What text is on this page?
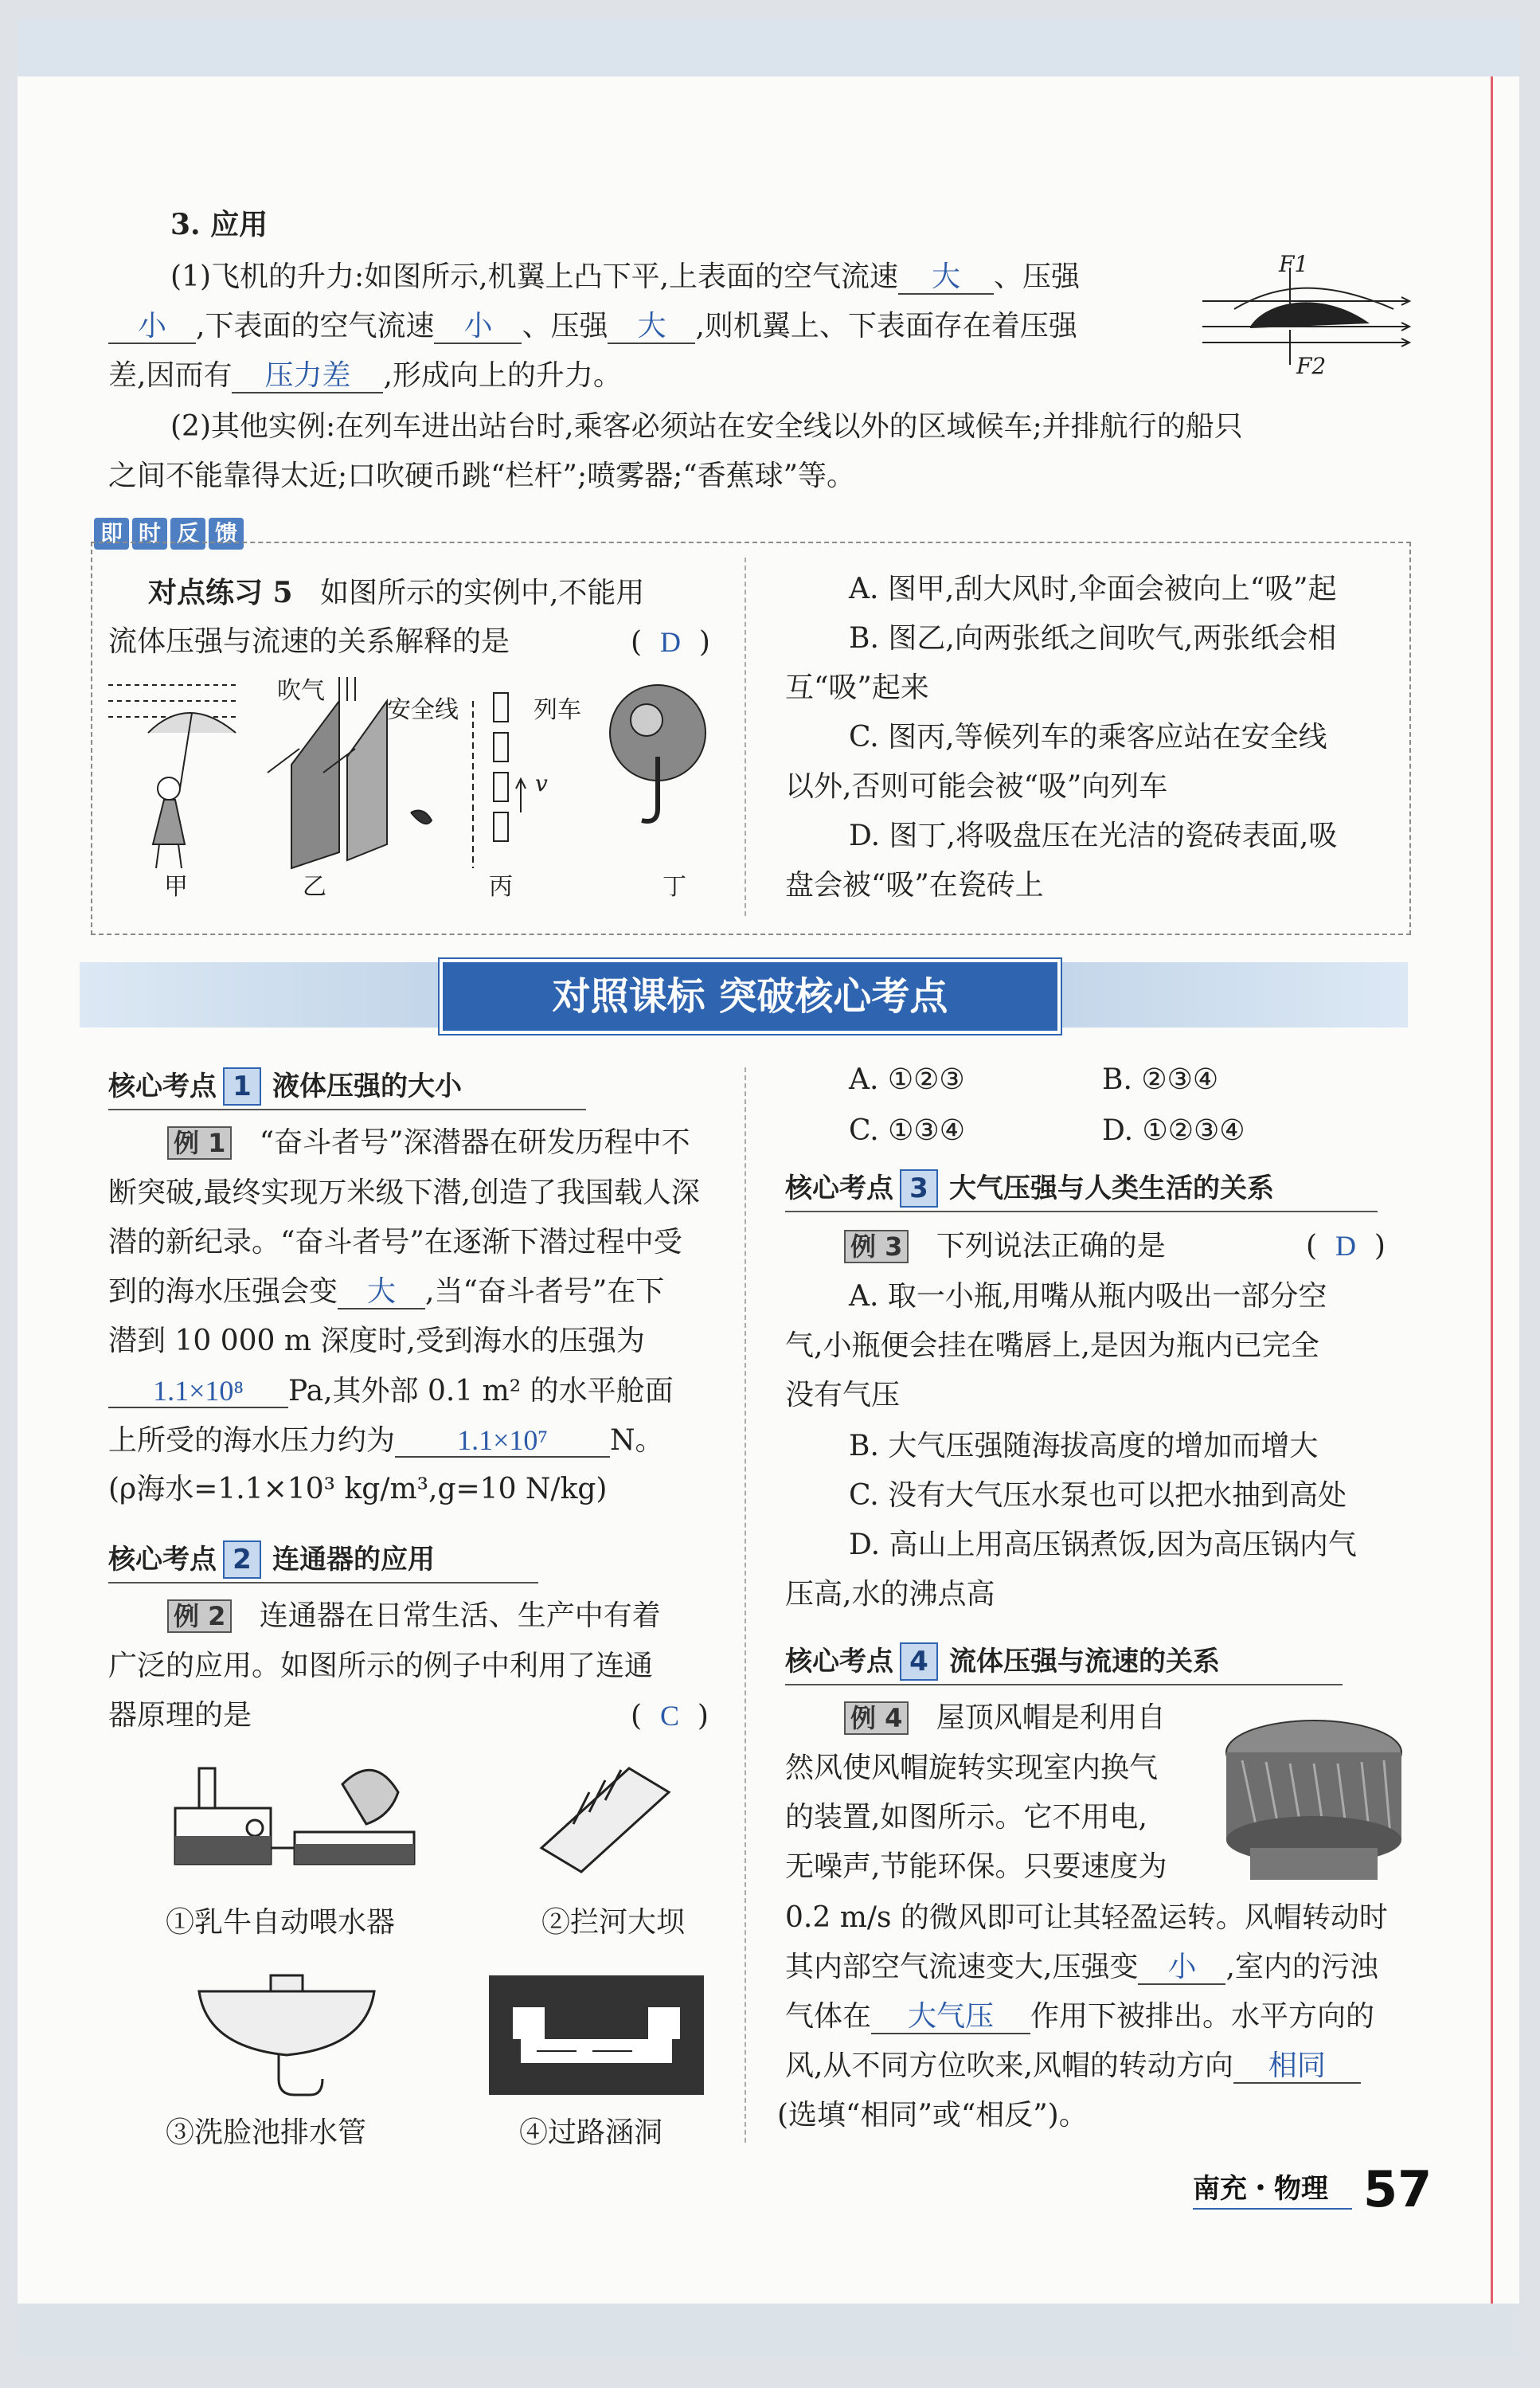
3. 应用
(1)飞机的升力:如图所示,机翼上凸下平,上表面的空气流速 大 、压强
小 ,下表面的空气流速 小 、压强 大 ,则机翼上、下表面存在着压强
差,因而有 压力差 ,形成向上的升力。
(2)其他实例:在列车进出站台时,乘客必须站在安全线以外的区域候车;并排航行的船只
之间不能靠得太近;口吹硬币跳“栏杆”;喷雾器;“香蕉球”等。
F1
F2
即 时 反 馈
对点练习 5 如图所示的实例中,不能用
流体压强与流速的关系解释的是	( D )
吹气
安全线	列车
v
甲	乙	丙	丁
A. 图甲,刮大风时,伞面会被向上“吸”起
B. 图乙,向两张纸之间吹气,两张纸会相
互“吸”起来
C. 图丙,等候列车的乘客应站在安全线
以外,否则可能会被“吸”向列车
D. 图丁,将吸盘压在光洁的瓷砖表面,吸
盘会被“吸”在瓷砖上
对照课标 突破核心考点
核心考点 1 液体压强的大小
例 1 “奋斗者号”深潜器在研发历程中不
断突破,最终实现万米级下潜,创造了我国载人深
潜的新纪录。“奋斗者号”在逐渐下潜过程中受
到的海水压强会变 大 ,当“奋斗者号”在下
潜到 10 000 m 深度时,受到海水的压强为
1.1×10⁸ Pa,其外部 0.1 m² 的水平舱面
上所受的海水压力约为 1.1×10⁷ N。
(ρ海水=1.1×10³ kg/m³,g=10 N/kg)
核心考点 2 连通器的应用
例 2 连通器在日常生活、生产中有着
广泛的应用。如图所示的例子中利用了连通
器原理的是	( C )
①乳牛自动喂水器	②拦河大坝
③洗脸池排水管	④过路涵洞
A. ①②③	B. ②③④
C. ①③④	D. ①②③④
核心考点 3 大气压强与人类生活的关系
例 3 下列说法正确的是	( D )
A. 取一小瓶,用嘴从瓶内吸出一部分空
气,小瓶便会挂在嘴唇上,是因为瓶内已完全
没有气压
B. 大气压强随海拔高度的增加而增大
C. 没有大气压水泵也可以把水抽到高处
D. 高山上用高压锅煮饭,因为高压锅内气
压高,水的沸点高
核心考点 4 流体压强与流速的关系
例 4 屋顶风帽是利用自
然风使风帽旋转实现室内换气
的装置,如图所示。它不用电,
无噪声,节能环保。只要速度为
0.2 m/s 的微风即可让其轻盈运转。风帽转动时
其内部空气流速变大,压强变 小 ,室内的污浊
气体在 大气压 作用下被排出。水平方向的
风,从不同方位吹来,风帽的转动方向 相同
(选填“相同”或“相反”)。
南充・物理 57
